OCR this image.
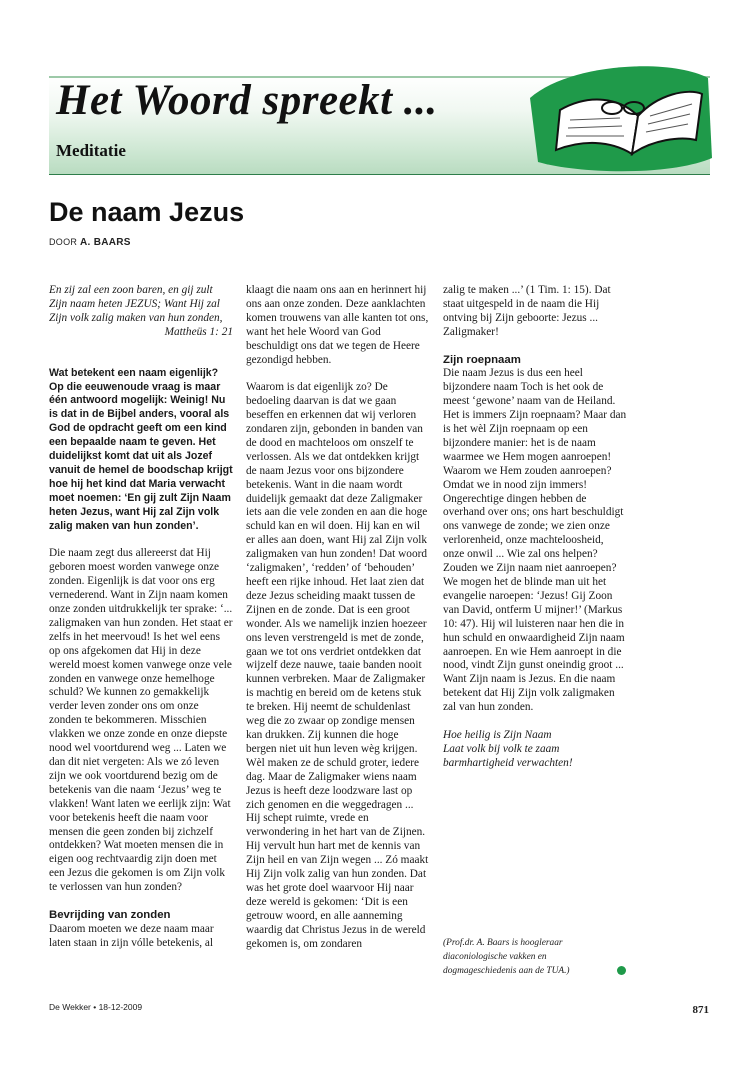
Het Woord spreekt ...
Meditatie
De naam Jezus
DOOR A. BAARS

En zij zal een zoon baren, en gij zult Zijn naam heten JEZUS; Want Hij zal Zijn volk zalig maken van hun zonden,
Mattheüs 1: 21

Wat betekent een naam eigenlijk? Op die eeuwenoude vraag is maar één antwoord mogelijk: Weinig! Nu is dat in de Bijbel anders, vooral als God de opdracht geeft om een kind een bepaalde naam te geven. Het duidelijkst komt dat uit als Jozef vanuit de hemel de boodschap krijgt hoe hij het kind dat Maria verwacht moet noemen: ‘En gij zult Zijn Naam heten Jezus, want Hij zal Zijn volk zalig maken van hun zonden’.

Die naam zegt dus allereerst dat Hij geboren moest worden vanwege onze zonden. Eigenlijk is dat voor ons erg vernederend. Want in Zijn naam komen onze zonden uitdrukkelijk ter sprake: ‘... zaligmaken van hun zonden. Het staat er zelfs in het meervoud! Is het wel eens op ons afgekomen dat Hij in deze wereld moest komen vanwege onze vele zonden en vanwege onze hemelhoge schuld? We kunnen zo gemakkelijk verder leven zonder ons om onze zonden te bekommeren. Misschien vlakken we onze zonde en onze diepste nood wel voortdurend weg ... Laten we dan dit niet vergeten: Als we zó leven zijn we ook voortdurend bezig om de betekenis van die naam ‘Jezus’ weg te vlakken! Want laten we eerlijk zijn: Wat voor betekenis heeft die naam voor mensen die geen zonden bij zichzelf ontdekken? Wat moeten mensen die in eigen oog rechtvaardig zijn doen met een Jezus die gekomen is om Zijn volk te verlossen van hun zonden?

Bevrijding van zonden

Daarom moeten we deze naam maar laten staan in zijn vólle betekenis, al

klaagt die naam ons aan en herinnert hij ons aan onze zonden. Deze aanklachten komen trouwens van alle kanten tot ons, want het hele Woord van God beschuldigt ons dat we tegen de Heere gezondigd hebben.

Waarom is dat eigenlijk zo? De bedoeling daarvan is dat we gaan beseffen en erkennen dat wij verloren zondaren zijn, gebonden in banden van de dood en machteloos om onszelf te verlossen. Als we dat ontdekken krijgt de naam Jezus voor ons bijzondere betekenis. Want in die naam wordt duidelijk gemaakt dat deze Zaligmaker iets aan die vele zonden en aan die hoge schuld kan en wil doen. Hij kan en wil er alles aan doen, want Hij zal Zijn volk zaligmaken van hun zonden! Dat woord ‘zaligmaken’, ‘redden’ of ‘behouden’ heeft een rijke inhoud. Het laat zien dat deze Jezus scheiding maakt tussen de Zijnen en de zonde. Dat is een groot wonder. Als we namelijk inzien hoezeer ons leven verstrengeld is met de zonde, gaan we tot ons verdriet ontdekken dat wijzelf deze nauwe, taaie banden nooit kunnen verbreken. Maar de Zaligmaker is machtig en bereid om de ketens stuk te breken. Hij neemt de schuldenlast weg die zo zwaar op zondige mensen kan drukken. Zij kunnen die hoge bergen niet uit hun leven wèg krijgen. Wèl maken ze de schuld groter, iedere dag. Maar de Zaligmaker wiens naam Jezus is heeft deze loodzware last op zich genomen en die weggedragen ... Hij schept ruimte, vrede en verwondering in het hart van de Zijnen. Hij vervult hun hart met de kennis van Zijn heil en van Zijn wegen ... Zó maakt Hij Zijn volk zalig van hun zonden. Dat was het grote doel waarvoor Hij naar deze wereld is gekomen: ‘Dit is een getrouw woord, en alle aanneming waardig dat Christus Jezus in de wereld gekomen is, om zondaren

zalig te maken ...’ (1 Tim. 1: 15). Dat staat uitgespeld in de naam die Hij ontving bij Zijn geboorte: Jezus ... Zaligmaker!

Zijn roepnaam

Die naam Jezus is dus een heel bijzondere naam Toch is het ook de meest ‘gewone’ naam van de Heiland. Het is immers Zijn roepnaam? Maar dan is het wèl Zijn roepnaam op een bijzondere manier: het is de naam waarmee we Hem mogen aanroepen! Waarom we Hem zouden aanroepen? Omdat we in nood zijn immers! Ongerechtige dingen hebben de overhand over ons; ons hart beschuldigt ons vanwege de zonde; we zien onze verlorenheid, onze machteloosheid, onze onwil ... Wie zal ons helpen? Zouden we Zijn naam niet aanroepen? We mogen het de blinde man uit het evangelie naroepen: ‘Jezus! Gij Zoon van David, ontferm U mijner!’ (Markus 10: 47). Hij wil luisteren naar hen die in hun schuld en onwaardigheid Zijn naam aanroepen. En wie Hem aanroept in die nood, vindt Zijn gunst oneindig groot ... Want Zijn naam is Jezus. En die naam betekent dat Hij Zijn volk zaligmaken zal van hun zonden.

Hoe heilig is Zijn Naam
Laat volk bij volk te zaam
barmhartigheid verwachten!

(Prof.dr. A. Baars is hoogleraar diaconiologische vakken en dogmageschiedenis aan de TUA.)
De Wekker • 18-12-2009	871
